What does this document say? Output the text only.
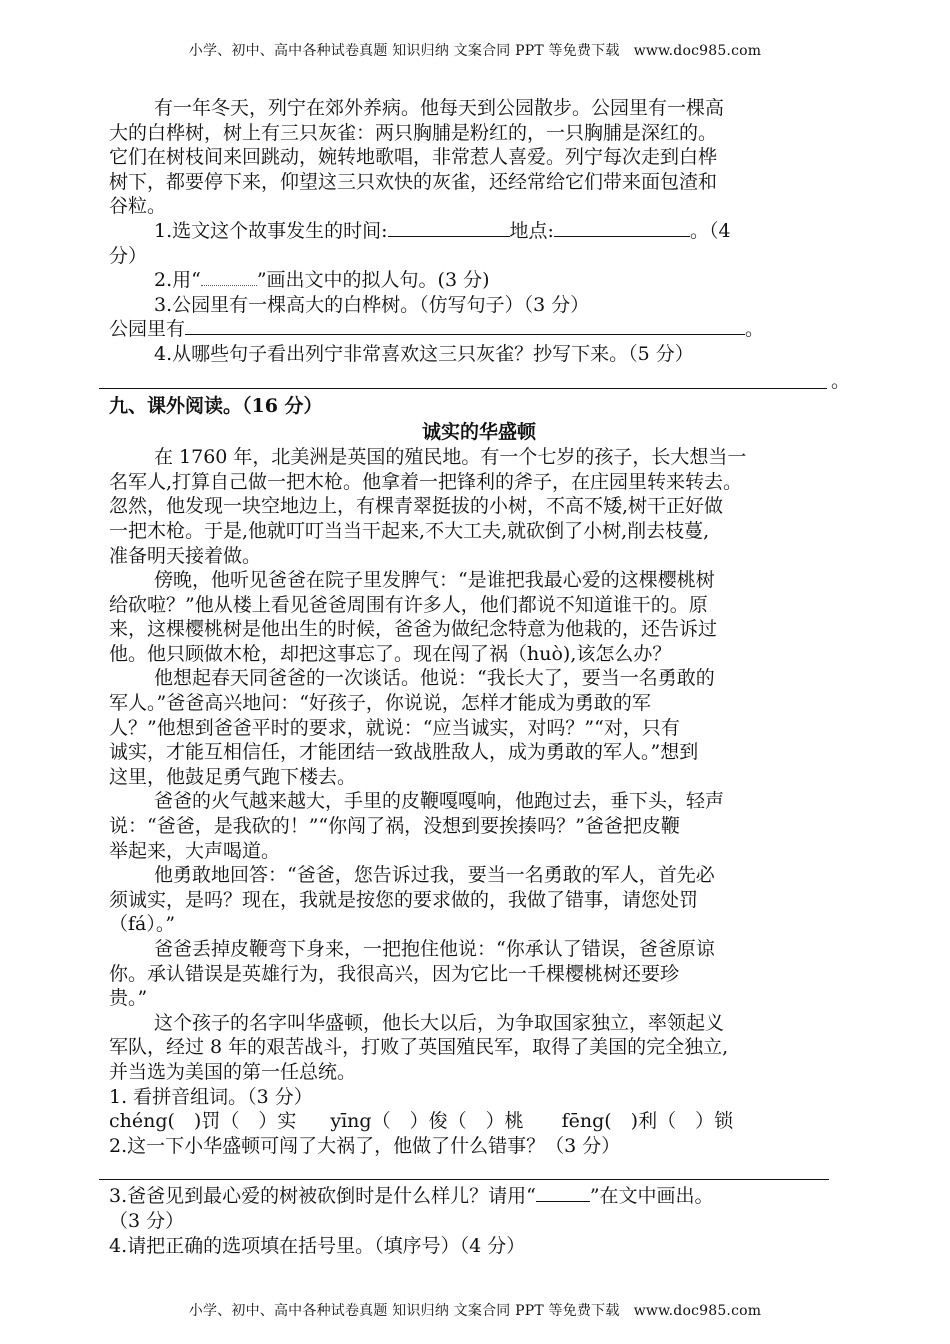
小学、初中、高中各种试卷真题 知识归纳 文案合同 PPT 等免费下载　www.doc985.com
有一年冬天，列宁在郊外养病。他每天到公园散步。公园里有一棵高
大的白桦树，树上有三只灰雀：两只胸脯是粉红的，一只胸脯是深红的。
它们在树枝间来回跳动，婉转地歌唱，非常惹人喜爱。列宁每次走到白桦
树下，都要停下来，仰望这三只欢快的灰雀，还经常给它们带来面包渣和
谷粒。
1.选文这个故事发生的时间:	地点:	。（4
分）
2.用“	”画出文中的拟人句。(3 分)
3.公园里有一棵高大的白桦树。（仿写句子）（3 分）
公园里有	。
4.从哪些句子看出列宁非常喜欢这三只灰雀？抄写下来。（5 分）
。
九、课外阅读。（16 分）
诚实的华盛顿
在 1760 年，北美洲是英国的殖民地。有一个七岁的孩子，长大想当一
名军人,打算自己做一把木枪。他拿着一把锋利的斧子，在庄园里转来转去。
忽然，他发现一块空地边上，有棵青翠挺拔的小树，不高不矮,树干正好做
一把木枪。于是,他就叮叮当当干起来,不大工夫,就砍倒了小树,削去枝蔓,
准备明天接着做。
傍晚，他听见爸爸在院子里发脾气：“是谁把我最心爱的这棵樱桃树
给砍啦？”他从楼上看见爸爸周围有许多人，他们都说不知道谁干的。原
来，这棵樱桃树是他出生的时候，爸爸为做纪念特意为他栽的，还告诉过
他。他只顾做木枪，却把这事忘了。现在闯了祸（huò),该怎么办？
他想起春天同爸爸的一次谈话。他说：“我长大了，要当一名勇敢的
军人。”爸爸高兴地问：“好孩子，你说说，怎样才能成为勇敢的军
人？”他想到爸爸平时的要求，就说：“应当诚实，对吗？”“对，只有
诚实，才能互相信任，才能团结一致战胜敌人，成为勇敢的军人。”想到
这里，他鼓足勇气跑下楼去。
爸爸的火气越来越大，手里的皮鞭嘎嘎响，他跑过去，垂下头，轻声
说：“爸爸，是我砍的！”“你闯了祸，没想到要挨揍吗？”爸爸把皮鞭
举起来，大声喝道。
他勇敢地回答：“爸爸，您告诉过我，要当一名勇敢的军人，首先必
须诚实，是吗？现在，我就是按您的要求做的，我做了错事，请您处罚
（fá）。”
爸爸丢掉皮鞭弯下身来，一把抱住他说：“你承认了错误，爸爸原谅
你。承认错误是英雄行为，我很高兴，因为它比一千棵樱桃树还要珍
贵。”
这个孩子的名字叫华盛顿，他长大以后，为争取国家独立，率领起义
军队，经过 8 年的艰苦战斗，打败了英国殖民军，取得了美国的完全独立,
并当选为美国的第一任总统。
1. 看拼音组词。（3 分）
chéng(　)罚（　）实 yīng（　）俊（　）桃 fēng(　)利（　）锁
2.这一下小华盛顿可闯了大祸了，他做了什么错事？（3 分）
3.爸爸见到最心爱的树被砍倒时是什么样儿？请用“	”在文中画出。
（3 分）
4.请把正确的选项填在括号里。（填序号）（4 分）
小学、初中、高中各种试卷真题 知识归纳 文案合同 PPT 等免费下载　www.doc985.com
